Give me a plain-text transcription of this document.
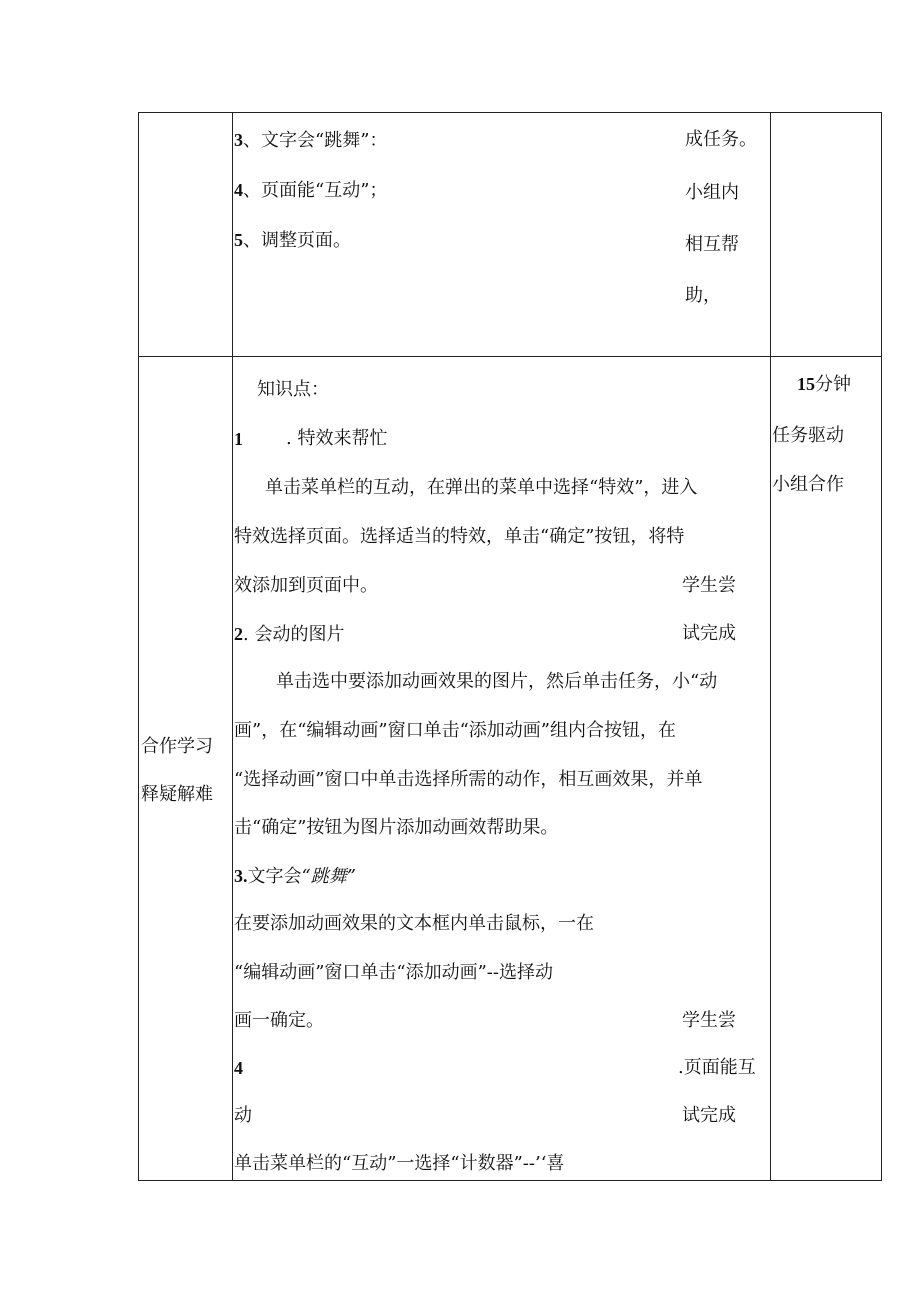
3、文字会“跳舞”：
4、页面能“互动”；
5、调整页面。
成任务。
小组内
相互帮
助，
合作学习
释疑解难
15分钟
任务驱动
小组合作
知识点：
1 . 特效来帮忙
单击菜单栏的互动，在弹出的菜单中选择“特效”，进入
特效选择页面。选择适当的特效，单击“确定”按钮，将特
效添加到页面中。	学生尝
试完成
2. 会动的图片
单击选中要添加动画效果的图片，然后单击任务，小“动
画”，在“编辑动画”窗口单击“添加动画”组内合按钮，在
“选择动画”窗口中单击选择所需的动作，相互画效果，并单
击“确定”按钮为图片添加动画效帮助果。
3.文字会“跳舞”
在要添加动画效果的文本框内单击鼠标，一在
“编辑动画”窗口单击“添加动画”--选择动
画一确定。	学生尝
.页面能互
试完成
4
动
单击菜单栏的“互动”一选择“计数器”--’‘喜
